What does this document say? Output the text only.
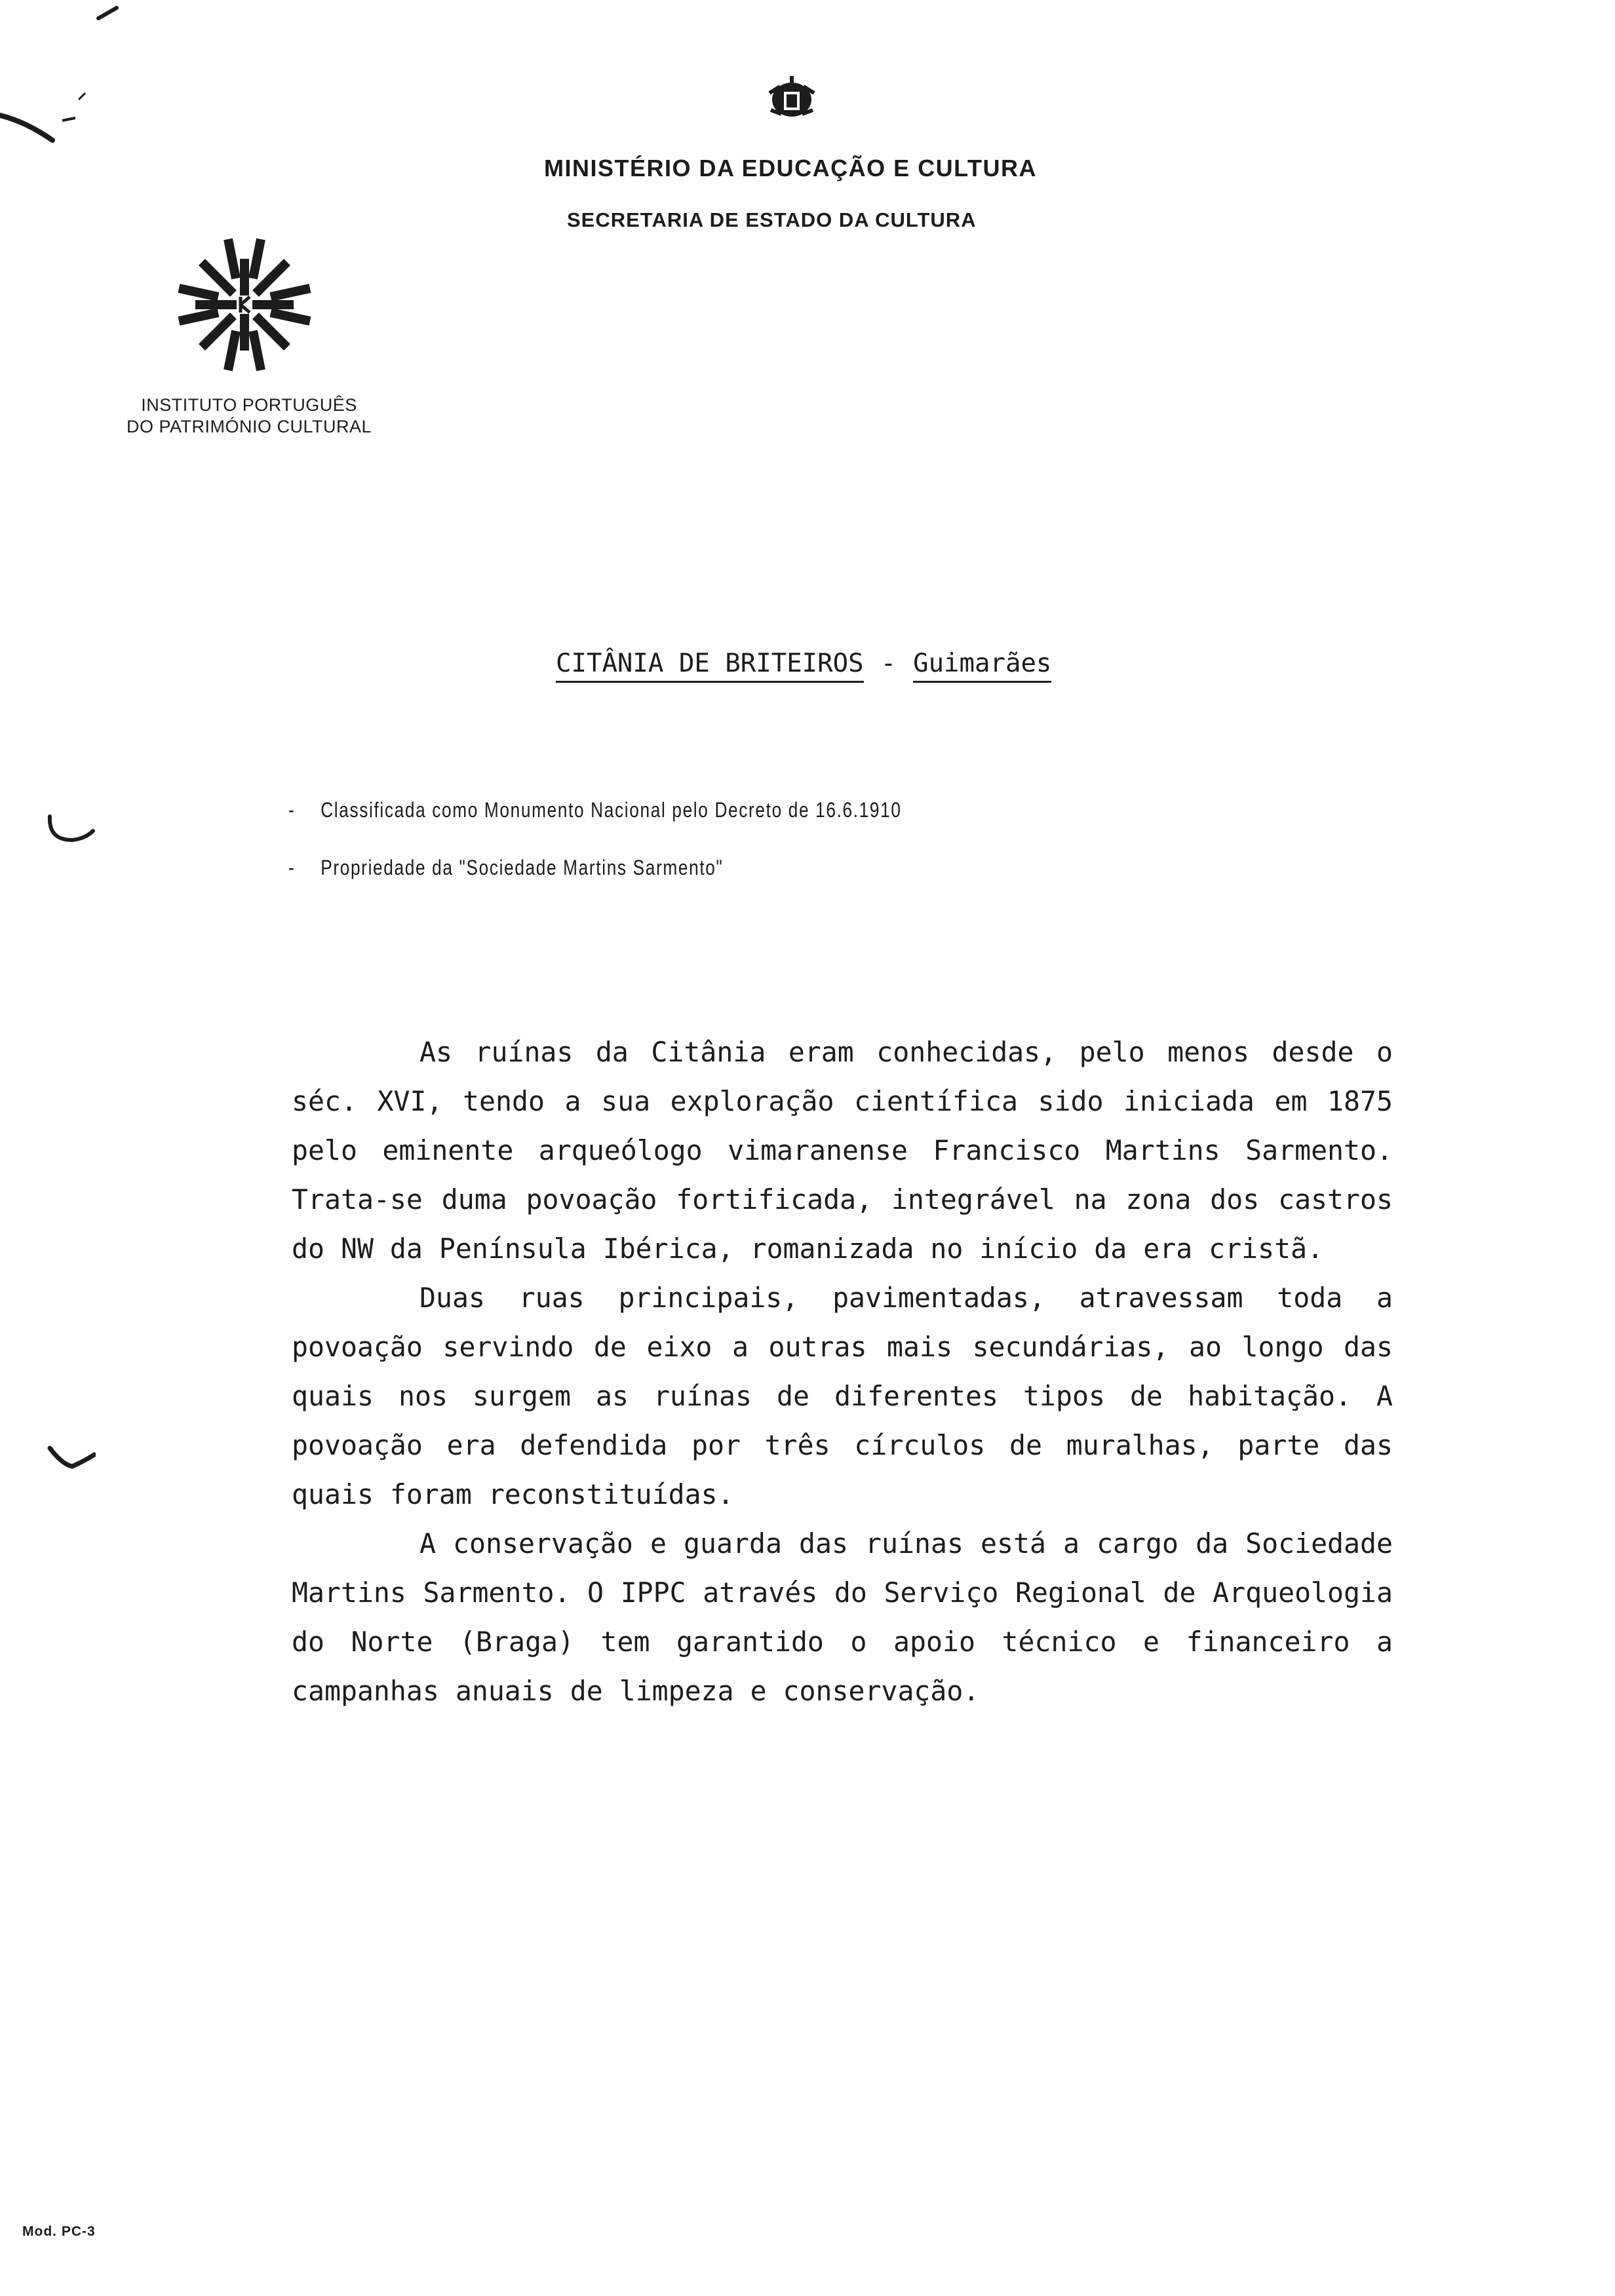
MINISTÉRIO DA EDUCAÇÃO E CULTURA
SECRETARIA DE ESTADO DA CULTURA
INSTITUTO PORTUGUÊS
DO PATRIMÓNIO CULTURAL
CITÂNIA DE BRITEIROS - Guimarães
- Classificada como Monumento Nacional pelo Decreto de 16.6.1910
- Propriedade da "Sociedade Martins Sarmento"

As ruínas da Citânia eram conhecidas, pelo menos desde o séc. XVI, tendo a sua exploração científica sido iniciada em 1875 pelo eminente arqueólogo vimaranense Francisco Martins Sarmento. Trata-se duma povoação fortificada, integrável na zona dos castros do NW da Península Ibérica, romanizada no início da era cristã.

Duas ruas principais, pavimentadas, atravessam toda a povoação servindo de eixo a outras mais secundárias, ao longo das quais nos surgem as ruínas de diferentes tipos de habitação. A povoação era defendida por três círculos de muralhas, parte das quais foram reconstituídas.

A conservação e guarda das ruínas está a cargo da Sociedade Martins Sarmento. O IPPC através do Serviço Regional de Arqueologia do Norte (Braga) tem garantido o apoio técnico e financeiro a campanhas anuais de limpeza e conservação.

Mod. PC-3
